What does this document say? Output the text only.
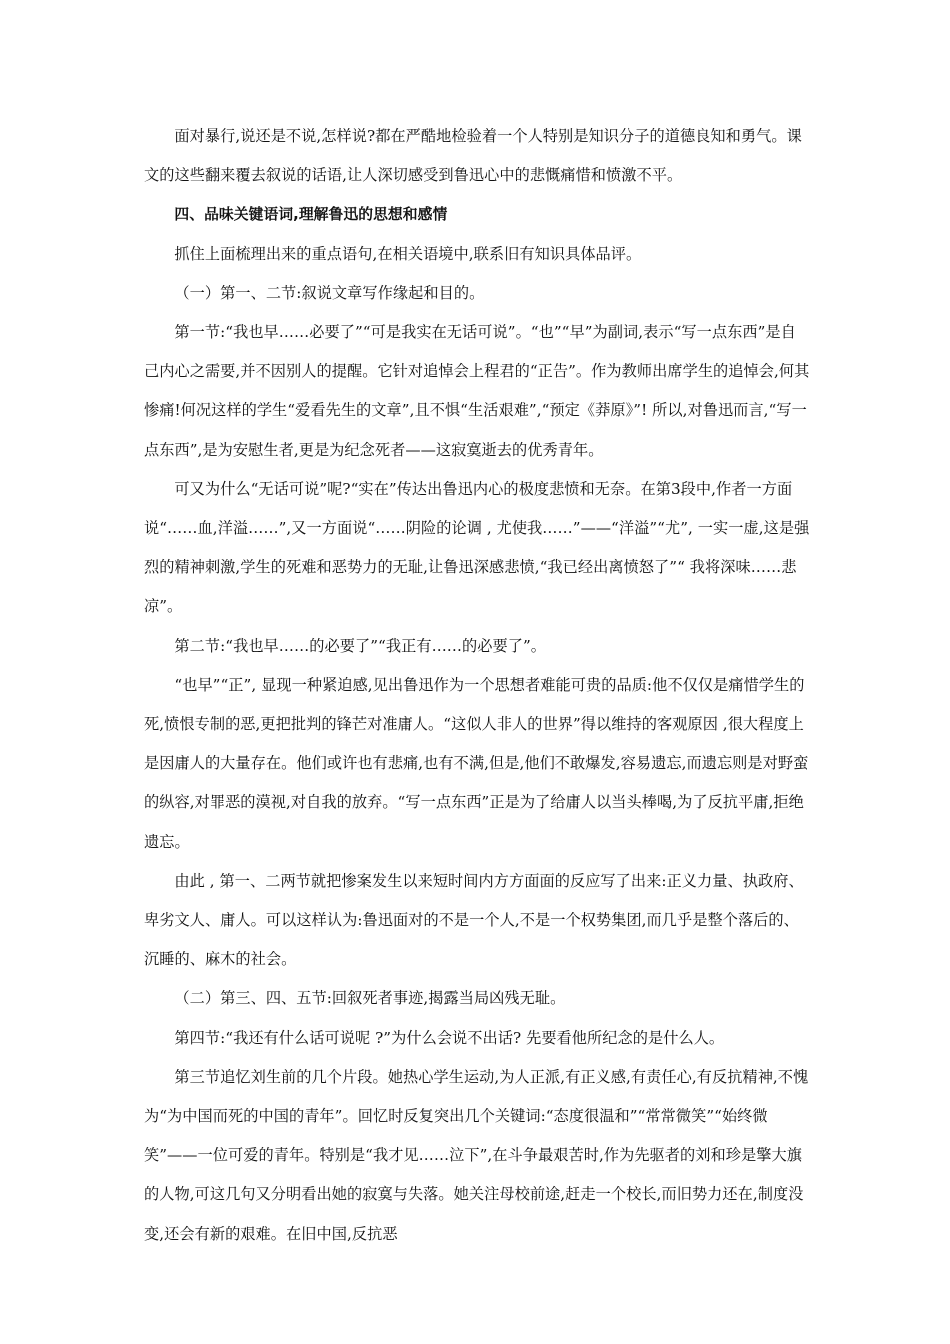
面对暴行,说还是不说,怎样说?都在严酷地检验着一个人特别是知识分子的道德良知和勇气。课文的这些翻来覆去叙说的话语,让人深切感受到鲁迅心中的悲慨痛惜和愤激不平。

四、品味关键语词,理解鲁迅的思想和感情

抓住上面梳理出来的重点语句,在相关语境中,联系旧有知识具体品评。

（一）第一、二节:叙说文章写作缘起和目的。

第一节:“我也早……必要了”“可是我实在无话可说”。“也”“早”为副词,表示“写一点东西”是自己内心之需要,并不因别人的提醒。它针对追悼会上程君的“正告”。作为教师出席学生的追悼会,何其惨痛!何况这样的学生“爱看先生的文章”,且不惧“生活艰难”,“预定《莽原》”! 所以,对鲁迅而言,“写一点东西”,是为安慰生者,更是为纪念死者——这寂寞逝去的优秀青年。

可又为什么“无话可说”呢?“实在”传达出鲁迅内心的极度悲愤和无奈。在第3段中,作者一方面说“……血,洋溢……”,又一方面说“……阴险的论调 , 尤使我……”——“洋溢”“尤”, 一实一虚,这是强烈的精神刺激,学生的死难和恶势力的无耻,让鲁迅深感悲愤,“我已经出离愤怒了”“ 我将深味……悲凉”。

第二节:“我也早……的必要了”“我正有……的必要了”。

“也早”“正”, 显现一种紧迫感,见出鲁迅作为一个思想者难能可贵的品质:他不仅仅是痛惜学生的死,愤恨专制的恶,更把批判的锋芒对准庸人。“这似人非人的世界”得以维持的客观原因 ,很大程度上是因庸人的大量存在。他们或许也有悲痛,也有不满,但是,他们不敢爆发,容易遗忘,而遗忘则是对野蛮的纵容,对罪恶的漠视,对自我的放弃。“写一点东西”正是为了给庸人以当头棒喝,为了反抗平庸,拒绝遗忘。

由此 , 第一、二两节就把惨案发生以来短时间内方方面面的反应写了出来:正义力量、执政府、卑劣文人、庸人。可以这样认为:鲁迅面对的不是一个人,不是一个权势集团,而几乎是整个落后的、沉睡的、麻木的社会。

（二）第三、四、五节:回叙死者事迹,揭露当局凶残无耻。

第四节:“我还有什么话可说呢 ?”为什么会说不出话? 先要看他所纪念的是什么人。

第三节追忆刘生前的几个片段。她热心学生运动,为人正派,有正义感,有责任心,有反抗精神,不愧为“为中国而死的中国的青年”。回忆时反复突出几个关键词:“态度很温和”“常常微笑”“始终微笑”——一位可爱的青年。特别是“我才见……泣下”,在斗争最艰苦时,作为先驱者的刘和珍是擎大旗的人物,可这几句又分明看出她的寂寞与失落。她关注母校前途,赶走一个校长,而旧势力还在,制度没变,还会有新的艰难。在旧中国,反抗恶
